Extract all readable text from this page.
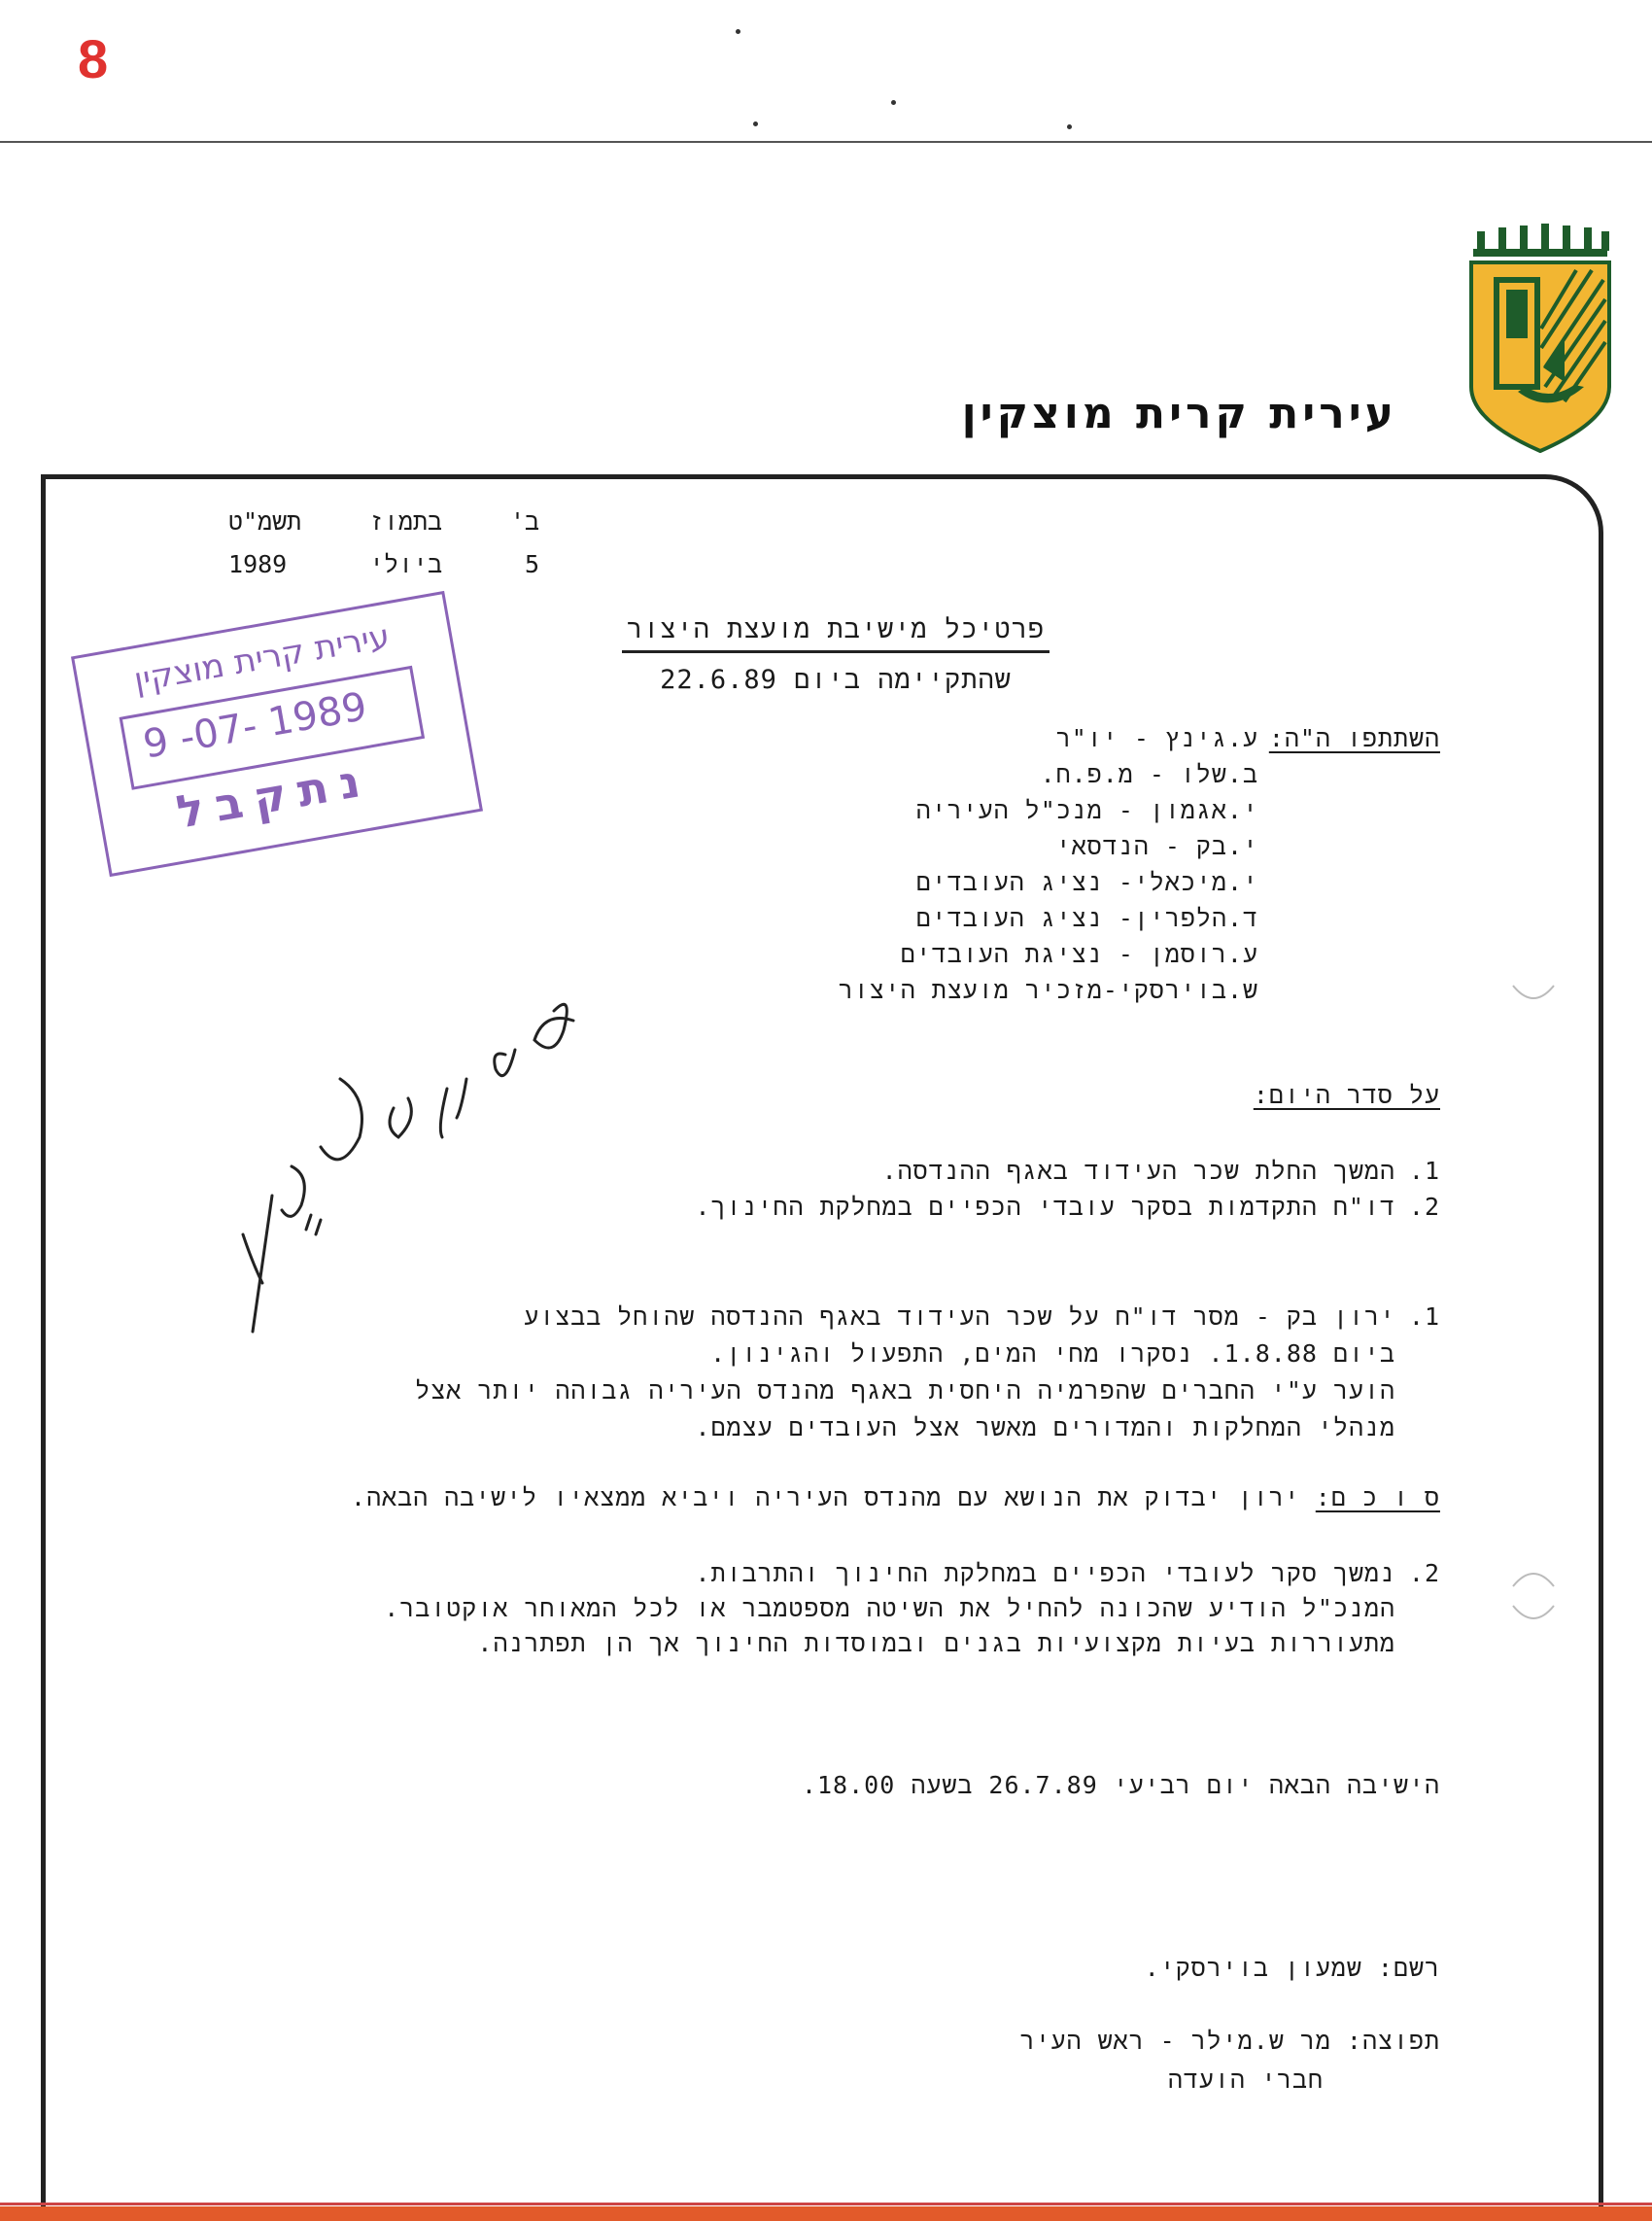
8
עירית קרית מוצקין
ב'
בתמוז
תשמ"ט
5
ביולי
1989
פרטיכל מישיבת מועצת היצור
שהתקיימה ביום 22.6.89
השתתפו ה"ה:
ע.גינץ - יו"ר
ב.שלו - מ.פ.ח.
י.אגמון - מנכ"ל העיריה
י.בק - הנדסאי
י.מיכאלי- נציג העובדים
ד.הלפרין- נציג העובדים
ע.רוסמן - נציגת העובדים
ש.בוירסקי-מזכיר מועצת היצור
על סדר היום:
1.
המשך החלת שכר העידוד באגף ההנדסה.
2.
דו"ח התקדמות בסקר עובדי הכפיים במחלקת החינוך.
1.
ירון בק - מסר דו"ח על שכר העידוד באגף ההנדסה שהוחל בבצוע
ביום 1.8.88. נסקרו מחי המים, התפעול והגינון.
הוער ע"י החברים שהפרמיה היחסית באגף מהנדס העיריה גבוהה יותר אצל
מנהלי המחלקות והמדורים מאשר אצל העובדים עצמם.
ס ו כ ם: ירון יבדוק את הנושא עם מהנדס העיריה ויביא ממצאיו לישיבה הבאה.
2.
נמשך סקר לעובדי הכפיים במחלקת החינוך והתרבות.
המנכ"ל הודיע שהכונה להחיל את השיטה מספטמבר או לכל המאוחר אוקטובר.
מתעוררות בעיות מקצועיות בגנים ובמוסדות החינוך אך הן תפתרנה.
הישיבה הבאה יום רביעי 26.7.89 בשעה 18.00.
רשם: שמעון בוירסקי.
תפוצה: מר ש.מילר - ראש העיר
חברי הועדה
עירית קרית מוצקין
9 -07- 1989
נתקבל
